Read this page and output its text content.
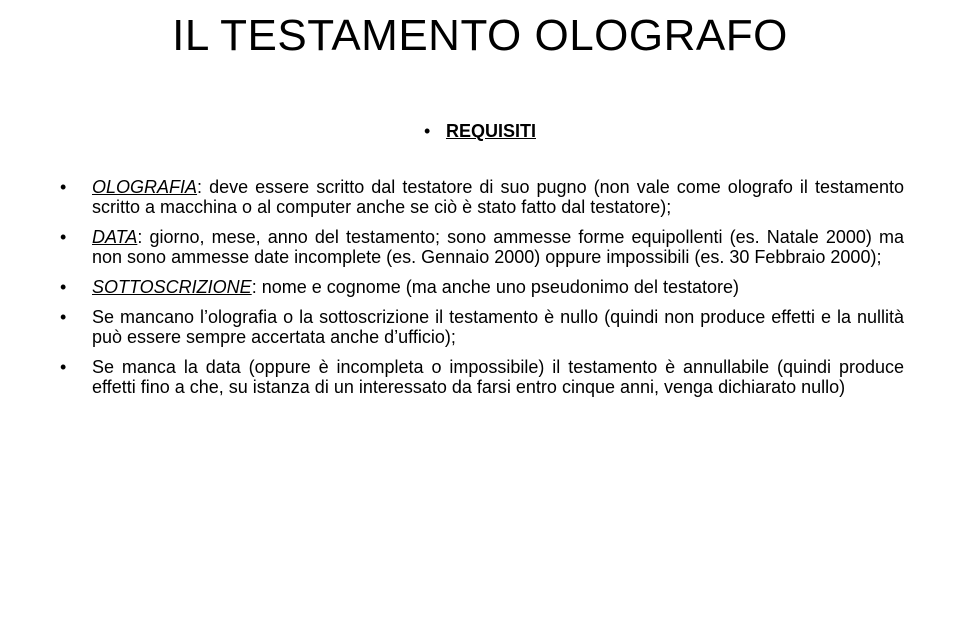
IL TESTAMENTO OLOGRAFO
• REQUISITI
• OLOGRAFIA: deve essere scritto dal testatore di suo pugno (non vale come olografo il testamento scritto a macchina o al computer anche se ciò è stato fatto dal testatore);
• DATA: giorno, mese, anno del testamento; sono ammesse forme equipollenti (es. Natale 2000) ma non sono ammesse date incomplete (es. Gennaio 2000) oppure impossibili (es. 30 Febbraio 2000);
• SOTTOSCRIZIONE: nome e cognome (ma anche uno pseudonimo del testatore)
• Se mancano l’olografia o la sottoscrizione il testamento è nullo (quindi non produce effetti e la nullità può essere sempre accertata anche d’ufficio);
• Se manca la data (oppure è incompleta o impossibile) il testamento è annullabile (quindi produce effetti fino a che, su istanza di un interessato da farsi entro cinque anni, venga dichiarato nullo)
